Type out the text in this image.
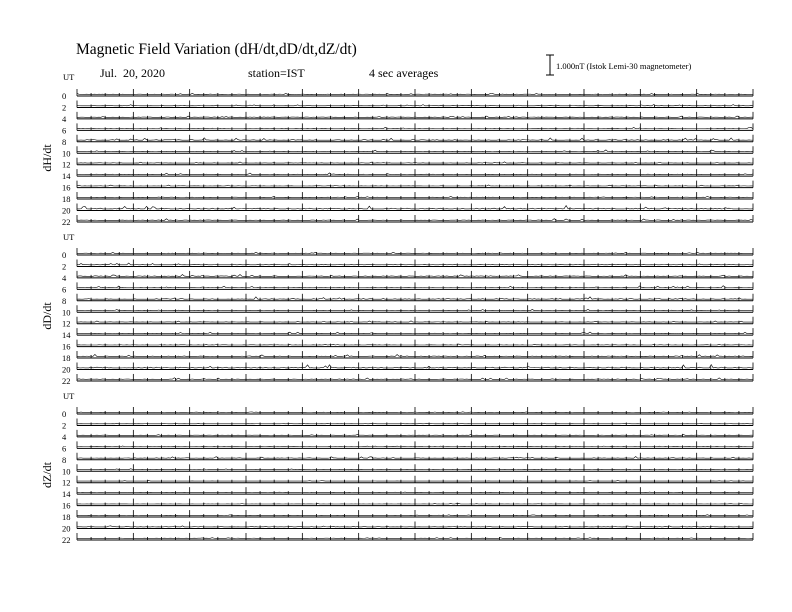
Magnetic Field Variation (dH/dt,dD/dt,dZ/dt)
Jul.  20, 2020	station=IST	4 sec averages	1.000nT (Istok Lemi-30 magnetometer)
UT
dH/dt
0
2
4
6
8
10
12
14
16
18
20
22
UT
dD/dt
0
2
4
6
8
10
12
14
16
18
20
22
UT
dZ/dt
0
2
4
6
8
10
12
14
16
18
20
22
